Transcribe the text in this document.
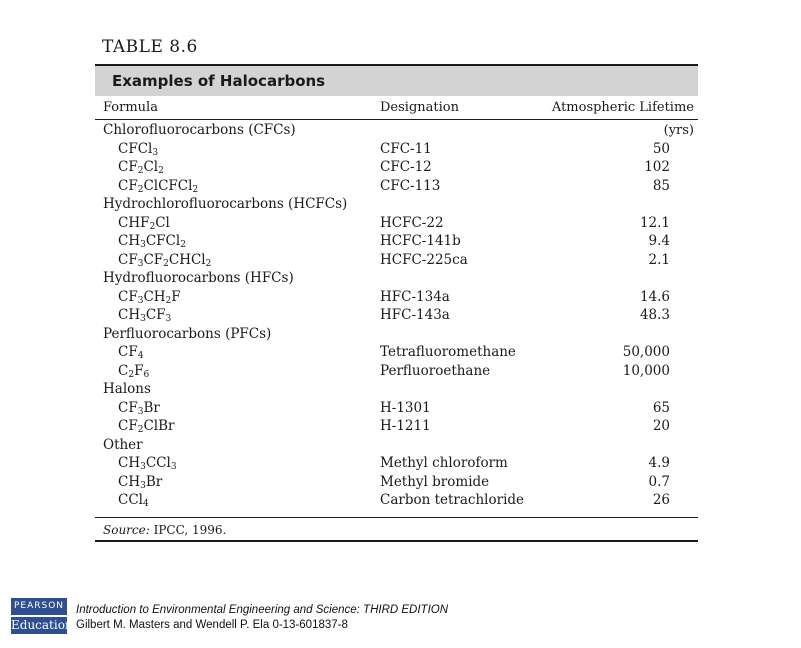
TABLE 8.6
Examples of Halocarbons
Formula	Designation	Atmospheric Lifetime (yrs)
Chlorofluorocarbons (CFCs)
CFCl$_3$	CFC-11	50
$CF_2Cl_2$	CFC-12	102
$CF_2ClCFCl_2$	CFC-113	85
Hydrochlorofluorocarbons (HCFCs)
$CHF_2Cl$	HCFC-22	12.1
$CH_3CFCl_2$	HCFC-141b	9.4
$CF_3CF_2CHCl_2$	HCFC-225ca	2.1
Hydrofluorocarbons (HFCs)
$CF_3CH_2F$	HFC-134a	14.6
$CH_3CF_3$	HFC-143a	48.3
Perfluorocarbons (PFCs)
$CF_4$	Tetrafluoromethane	50,000
$C_2F_6$	Perfluoroethane	10,000
Halons
$CF_3Br$	H-1301	65
$CF_2ClBr$	H-1211	20
Other
$CH_3CCl_3$	Methyl chloroform	4.9
$CH_3Br$	Methyl bromide	0.7
CCl$_4$	Carbon tetrachloride	26
Source: IPCC, 1996.
PEARSON
Education
Introduction to Environmental Engineering and Science: THIRD EDITION
Gilbert M. Masters and Wendell P. Ela 0-13-601837-8
